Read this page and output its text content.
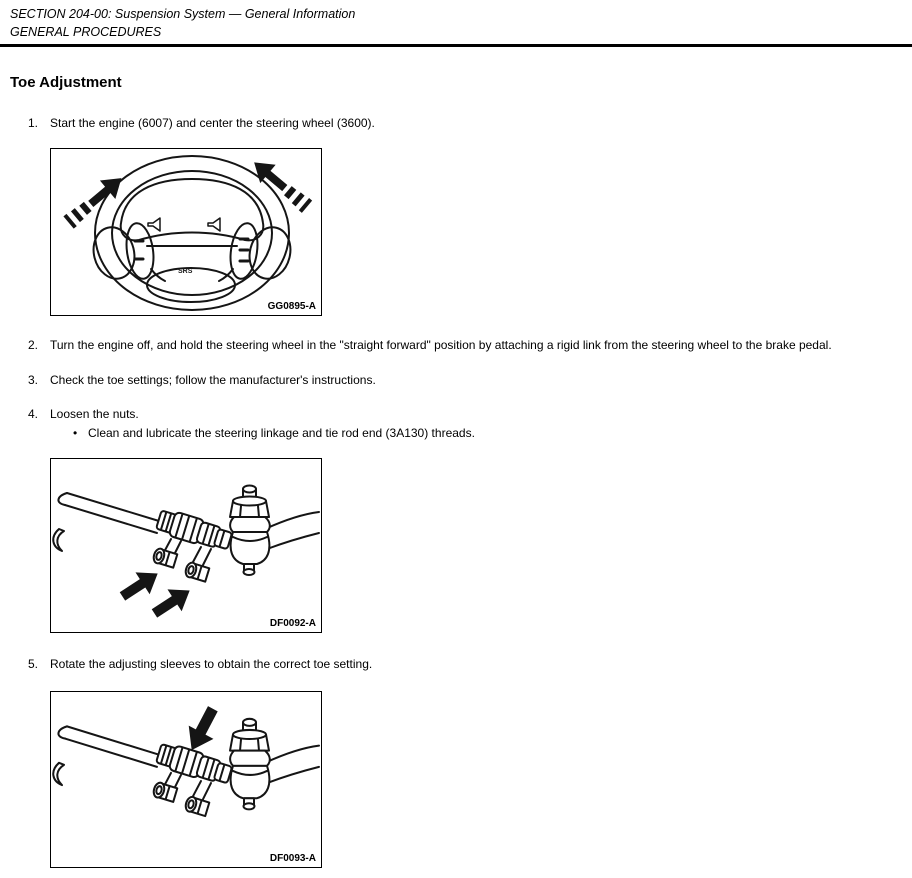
SECTION 204-00: Suspension System — General Information
GENERAL PROCEDURES
Toe Adjustment
1. Start the engine (6007) and center the steering wheel (3600).
SRS
GG0895-A
2. Turn the engine off, and hold the steering wheel in the "straight forward" position by attaching a rigid link from the steering wheel to the brake pedal.
3. Check the toe settings; follow the manufacturer's instructions.
4. Loosen the nuts.
• Clean and lubricate the steering linkage and tie rod end (3A130) threads.
DF0092-A
5. Rotate the adjusting sleeves to obtain the correct toe setting.
DF0093-A
